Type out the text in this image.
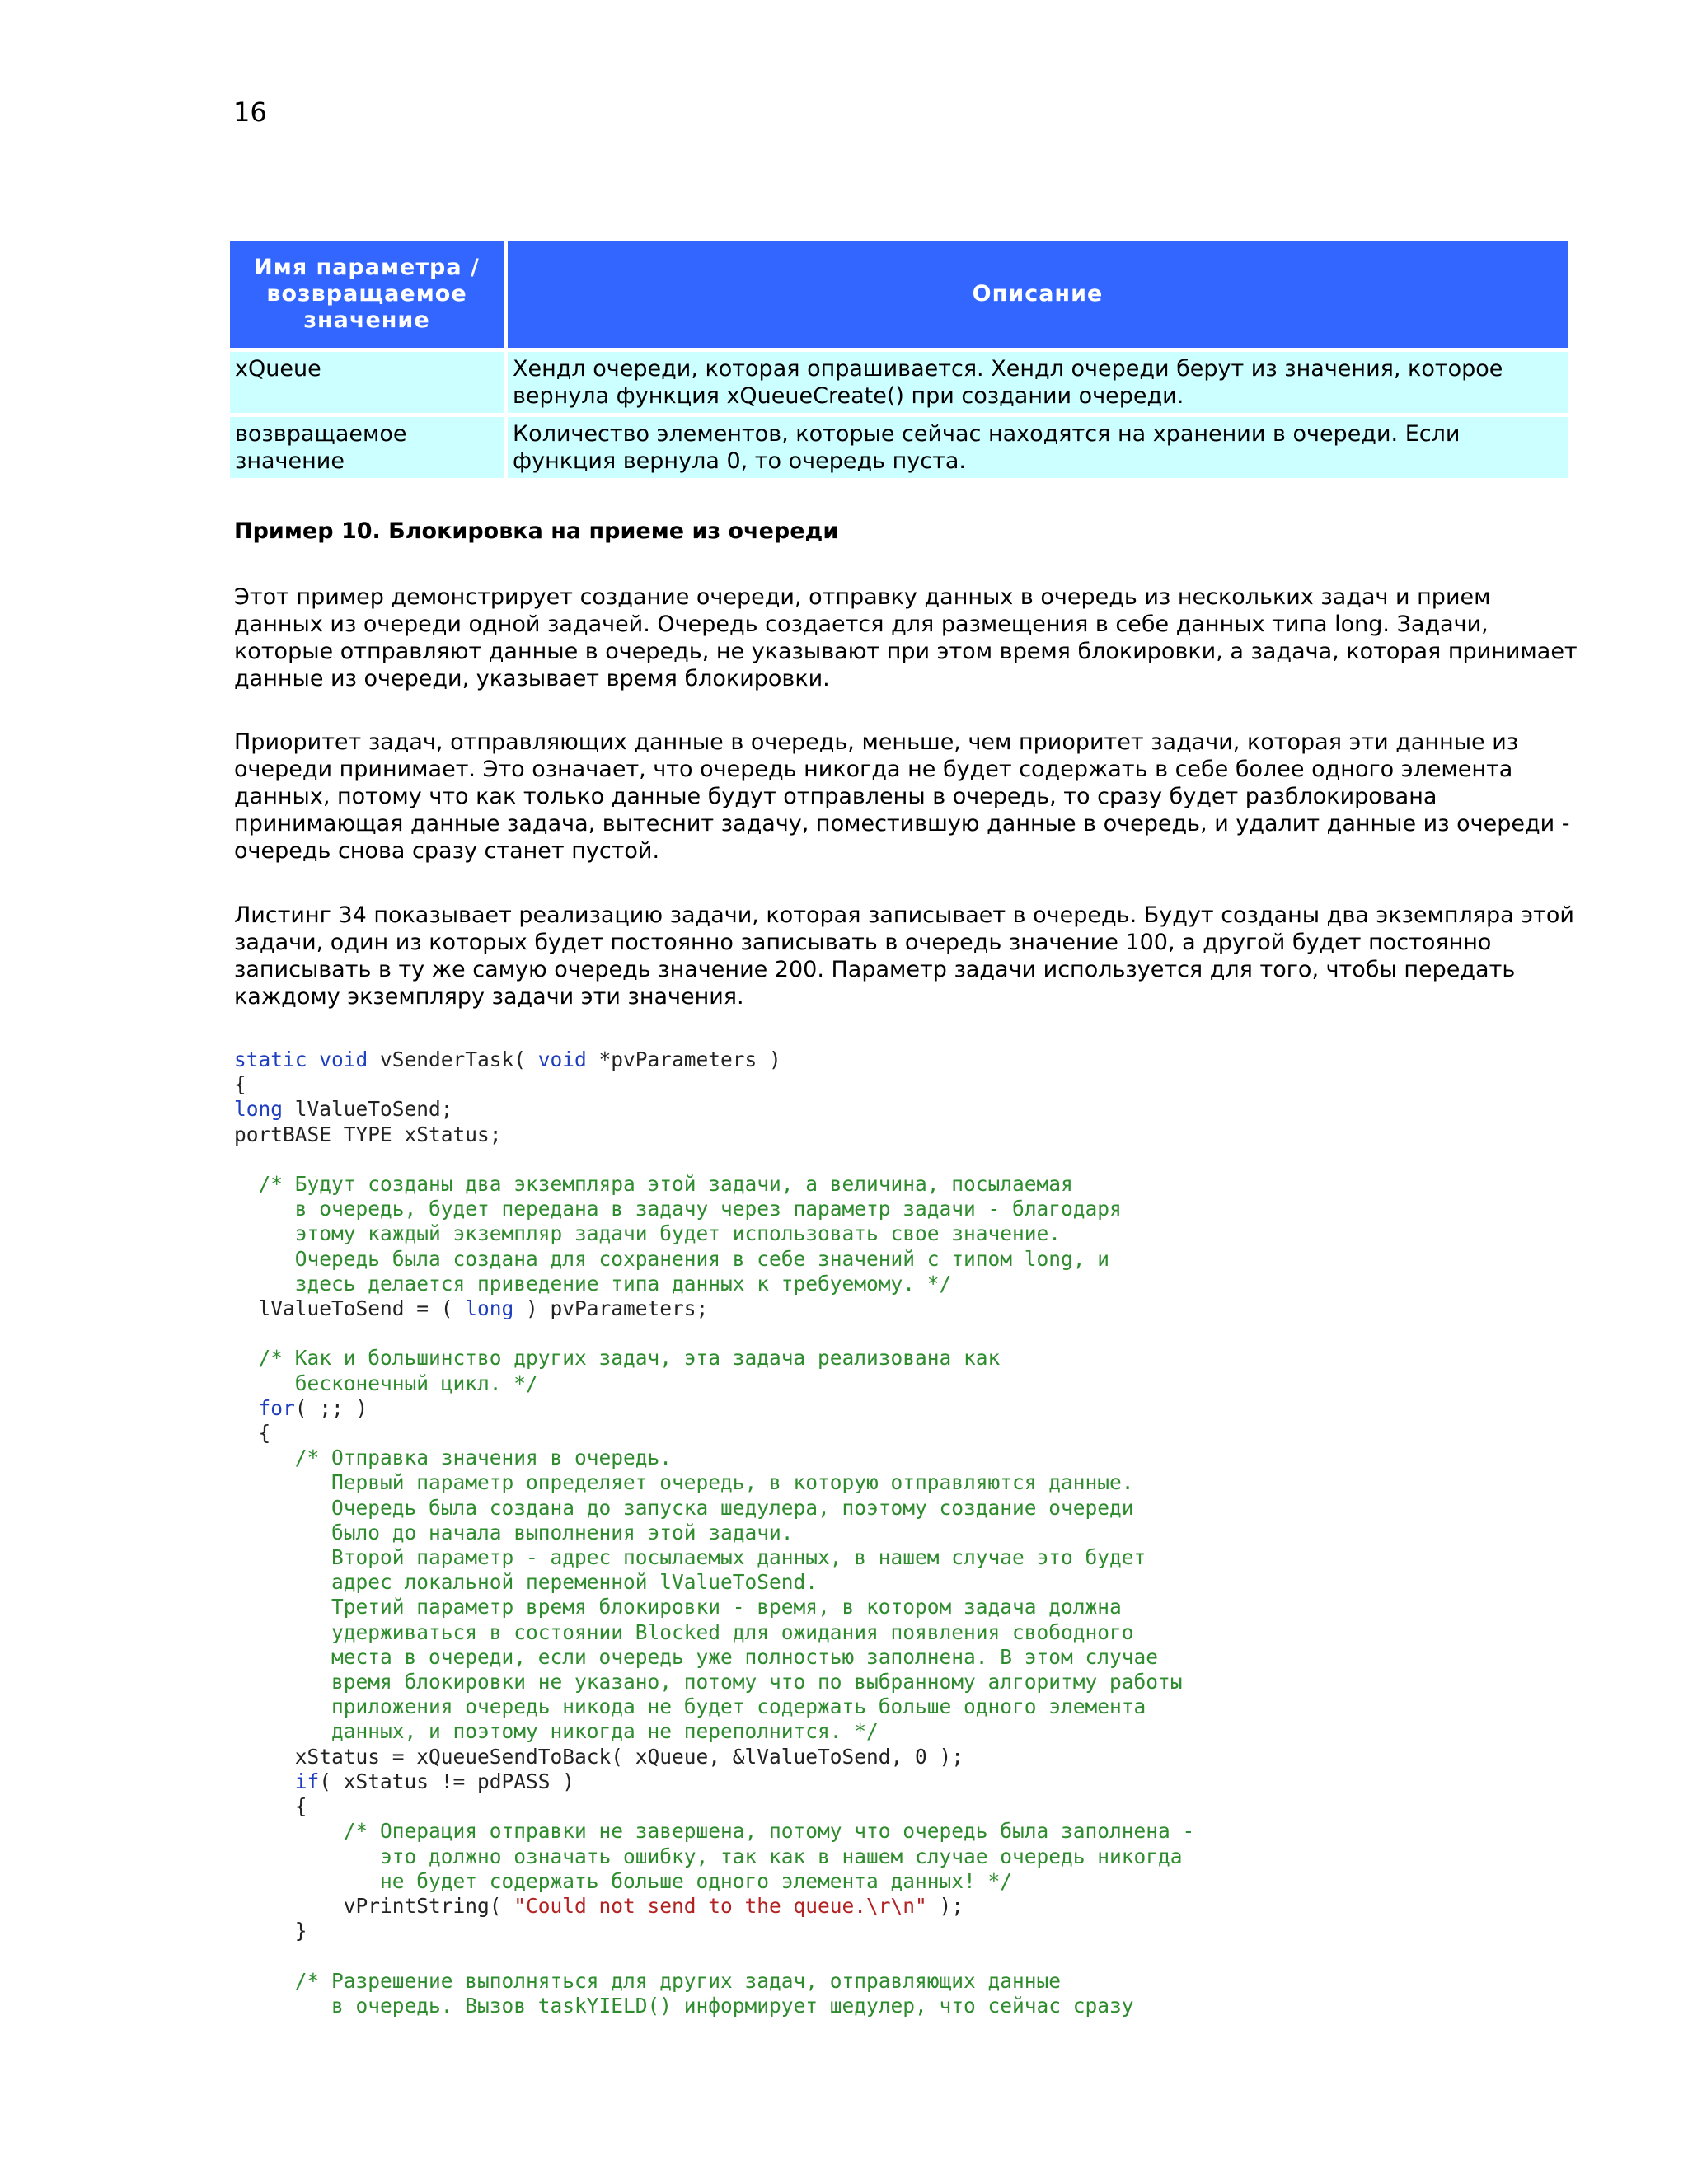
16
Имя параметра / возвращаемое значение	Описание
xQueue	Хендл очереди, которая опрашивается. Хендл очереди берут из значения, которое вернула функция xQueueCreate() при создании очереди.
возвращаемое значение	Количество элементов, которые сейчас находятся на хранении в очереди. Если функция вернула 0, то очередь пуста.
Пример 10. Блокировка на приеме из очереди

Этот пример демонстрирует создание очереди, отправку данных в очередь из нескольких задач и прием данных из очереди одной задачей. Очередь создается для размещения в себе данных типа long. Задачи, которые отправляют данные в очередь, не указывают при этом время блокировки, а задача, которая принимает данные из очереди, указывает время блокировки.

Приоритет задач, отправляющих данные в очередь, меньше, чем приоритет задачи, которая эти данные из очереди принимает. Это означает, что очередь никогда не будет содержать в себе более одного элемента данных, потому что как только данные будут отправлены в очередь, то сразу будет разблокирована принимающая данные задача, вытеснит задачу, поместившую данные в очередь, и удалит данные из очереди - очередь снова сразу станет пустой.

Листинг 34 показывает реализацию задачи, которая записывает в очередь. Будут созданы два экземпляра этой задачи, один из которых будет постоянно записывать в очередь значение 100, а другой будет постоянно записывать в ту же самую очередь значение 200. Параметр задачи используется для того, чтобы передать каждому экземпляру задачи эти значения.

static void vSenderTask( void *pvParameters )
{
long lValueToSend;
portBASE_TYPE xStatus;

/* Будут созданы два экземпляра этой задачи, а величина, посылаемая
в очередь, будет передана в задачу через параметр задачи - благодаря
этому каждый экземпляр задачи будет использовать свое значение.
Очередь была создана для сохранения в себе значений с типом long, и
здесь делается приведение типа данных к требуемому. */
lValueToSend = ( long ) pvParameters;

/* Как и большинство других задач, эта задача реализована как
бесконечный цикл. */
for( ;; )
{
/* Отправка значения в очередь.
Первый параметр определяет очередь, в которую отправляются данные.
Очередь была создана до запуска шедулера, поэтому создание очереди
было до начала выполнения этой задачи.
Второй параметр - адрес посылаемых данных, в нашем случае это будет
адрес локальной переменной lValueToSend.
Третий параметр время блокировки - время, в котором задача должна
удерживаться в состоянии Blocked для ожидания появления свободного
места в очереди, если очередь уже полностью заполнена. В этом случае
время блокировки не указано, потому что по выбранному алгоритму работы
приложения очередь никода не будет содержать больше одного элемента
данных, и поэтому никогда не переполнится. */
xStatus = xQueueSendToBack( xQueue, &lValueToSend, 0 );
if( xStatus != pdPASS )
{
/* Операция отправки не завершена, потому что очередь была заполнена -
это должно означать ошибку, так как в нашем случае очередь никогда
не будет содержать больше одного элемента данных! */
vPrintString( "Could not send to the queue.\r\n" );
}

/* Разрешение выполняться для других задач, отправляющих данные
в очередь. Вызов taskYIELD() информирует шедулер, что сейчас сразу
